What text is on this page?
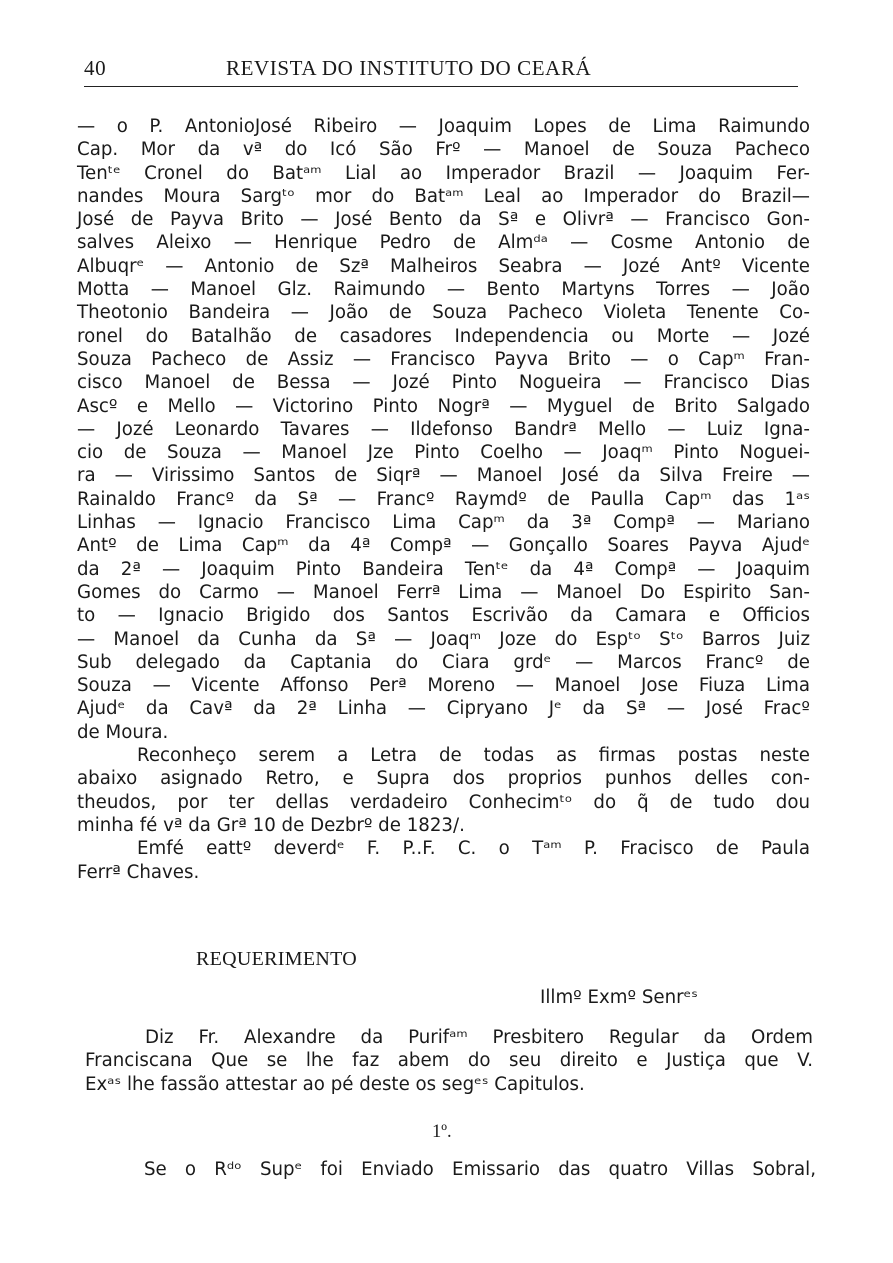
40	REVISTA DO INSTITUTO DO CEARÁ
— o P. AntonioJosé Ribeiro — Joaquim Lopes de Lima Raimundo
Cap. Mor da vª do Icó São Frº — Manoel de Souza Pacheco
Tenᵗᵉ Cronel do Batᵃᵐ Lial ao Imperador Brazil — Joaquim Fer-
nandes Moura Sargᵗᵒ mor do Batᵃᵐ Leal ao Imperador do Brazil—
José de Payva Brito — José Bento da Sª e Olivrª — Francisco Gon-
salves Aleixo — Henrique Pedro de Almᵈᵃ — Cosme Antonio de
Albuqrᵉ — Antonio de Szª Malheiros Seabra — Jozé Antº Vicente
Motta — Manoel Glz. Raimundo — Bento Martyns Torres — João
Theotonio Bandeira — João de Souza Pacheco Violeta Tenente Co-
ronel do Batalhão de casadores Independencia ou Morte — Jozé
Souza Pacheco de Assiz — Francisco Payva Brito — o Capᵐ Fran-
cisco Manoel de Bessa — Jozé Pinto Nogueira — Francisco Dias
Ascº e Mello — Victorino Pinto Nogrª — Myguel de Brito Salgado
— Jozé Leonardo Tavares — Ildefonso Bandrª Mello — Luiz Igna-
cio de Souza — Manoel Jze Pinto Coelho — Joaqᵐ Pinto Noguei-
ra — Virissimo Santos de Siqrª — Manoel José da Silva Freire —
Rainaldo Francº da Sª — Francº Raymdº de Paulla Capᵐ das 1ᵃˢ
Linhas — Ignacio Francisco Lima Capᵐ da 3ª Compª — Mariano
Antº de Lima Capᵐ da 4ª Compª — Gonçallo Soares Payva Ajudᵉ
da 2ª — Joaquim Pinto Bandeira Tenᵗᵉ da 4ª Compª — Joaquim
Gomes do Carmo — Manoel Ferrª Lima — Manoel Do Espirito San-
to — Ignacio Brigido dos Santos Escrivão da Camara e Officios
— Manoel da Cunha da Sª — Joaqᵐ Joze do Espᵗᵒ Sᵗᵒ Barros Juiz
Sub delegado da Captania do Ciara grdᵉ — Marcos Francº de
Souza — Vicente Affonso Perª Moreno — Manoel Jose Fiuza Lima
Ajudᵉ da Cavª da 2ª Linha — Cipryano Jᵉ da Sª — José Fracº
de Moura.
Reconheço serem a Letra de todas as firmas postas neste
abaixo asignado Retro, e Supra dos proprios punhos delles con-
theudos, por ter dellas verdadeiro Conhecimᵗᵒ do q̃ de tudo dou
minha fé vª da Grª 10 de Dezbrº de 1823/.
Emfé eattº deverdᵉ F. P..F. C. o Tᵃᵐ P. Fracisco de Paula
Ferrª Chaves.
REQUERIMENTO
Illmº Exmº Senrᵉˢ
Diz Fr. Alexandre da Purifᵃᵐ Presbitero Regular da Ordem
Franciscana Que se lhe faz abem do seu direito e Justiça que V.
Exᵃˢ lhe fassão attestar ao pé deste os segᵉˢ Capitulos.
1º.
Se o Rᵈᵒ Supᵉ foi Enviado Emissario das quatro Villas Sobral,
